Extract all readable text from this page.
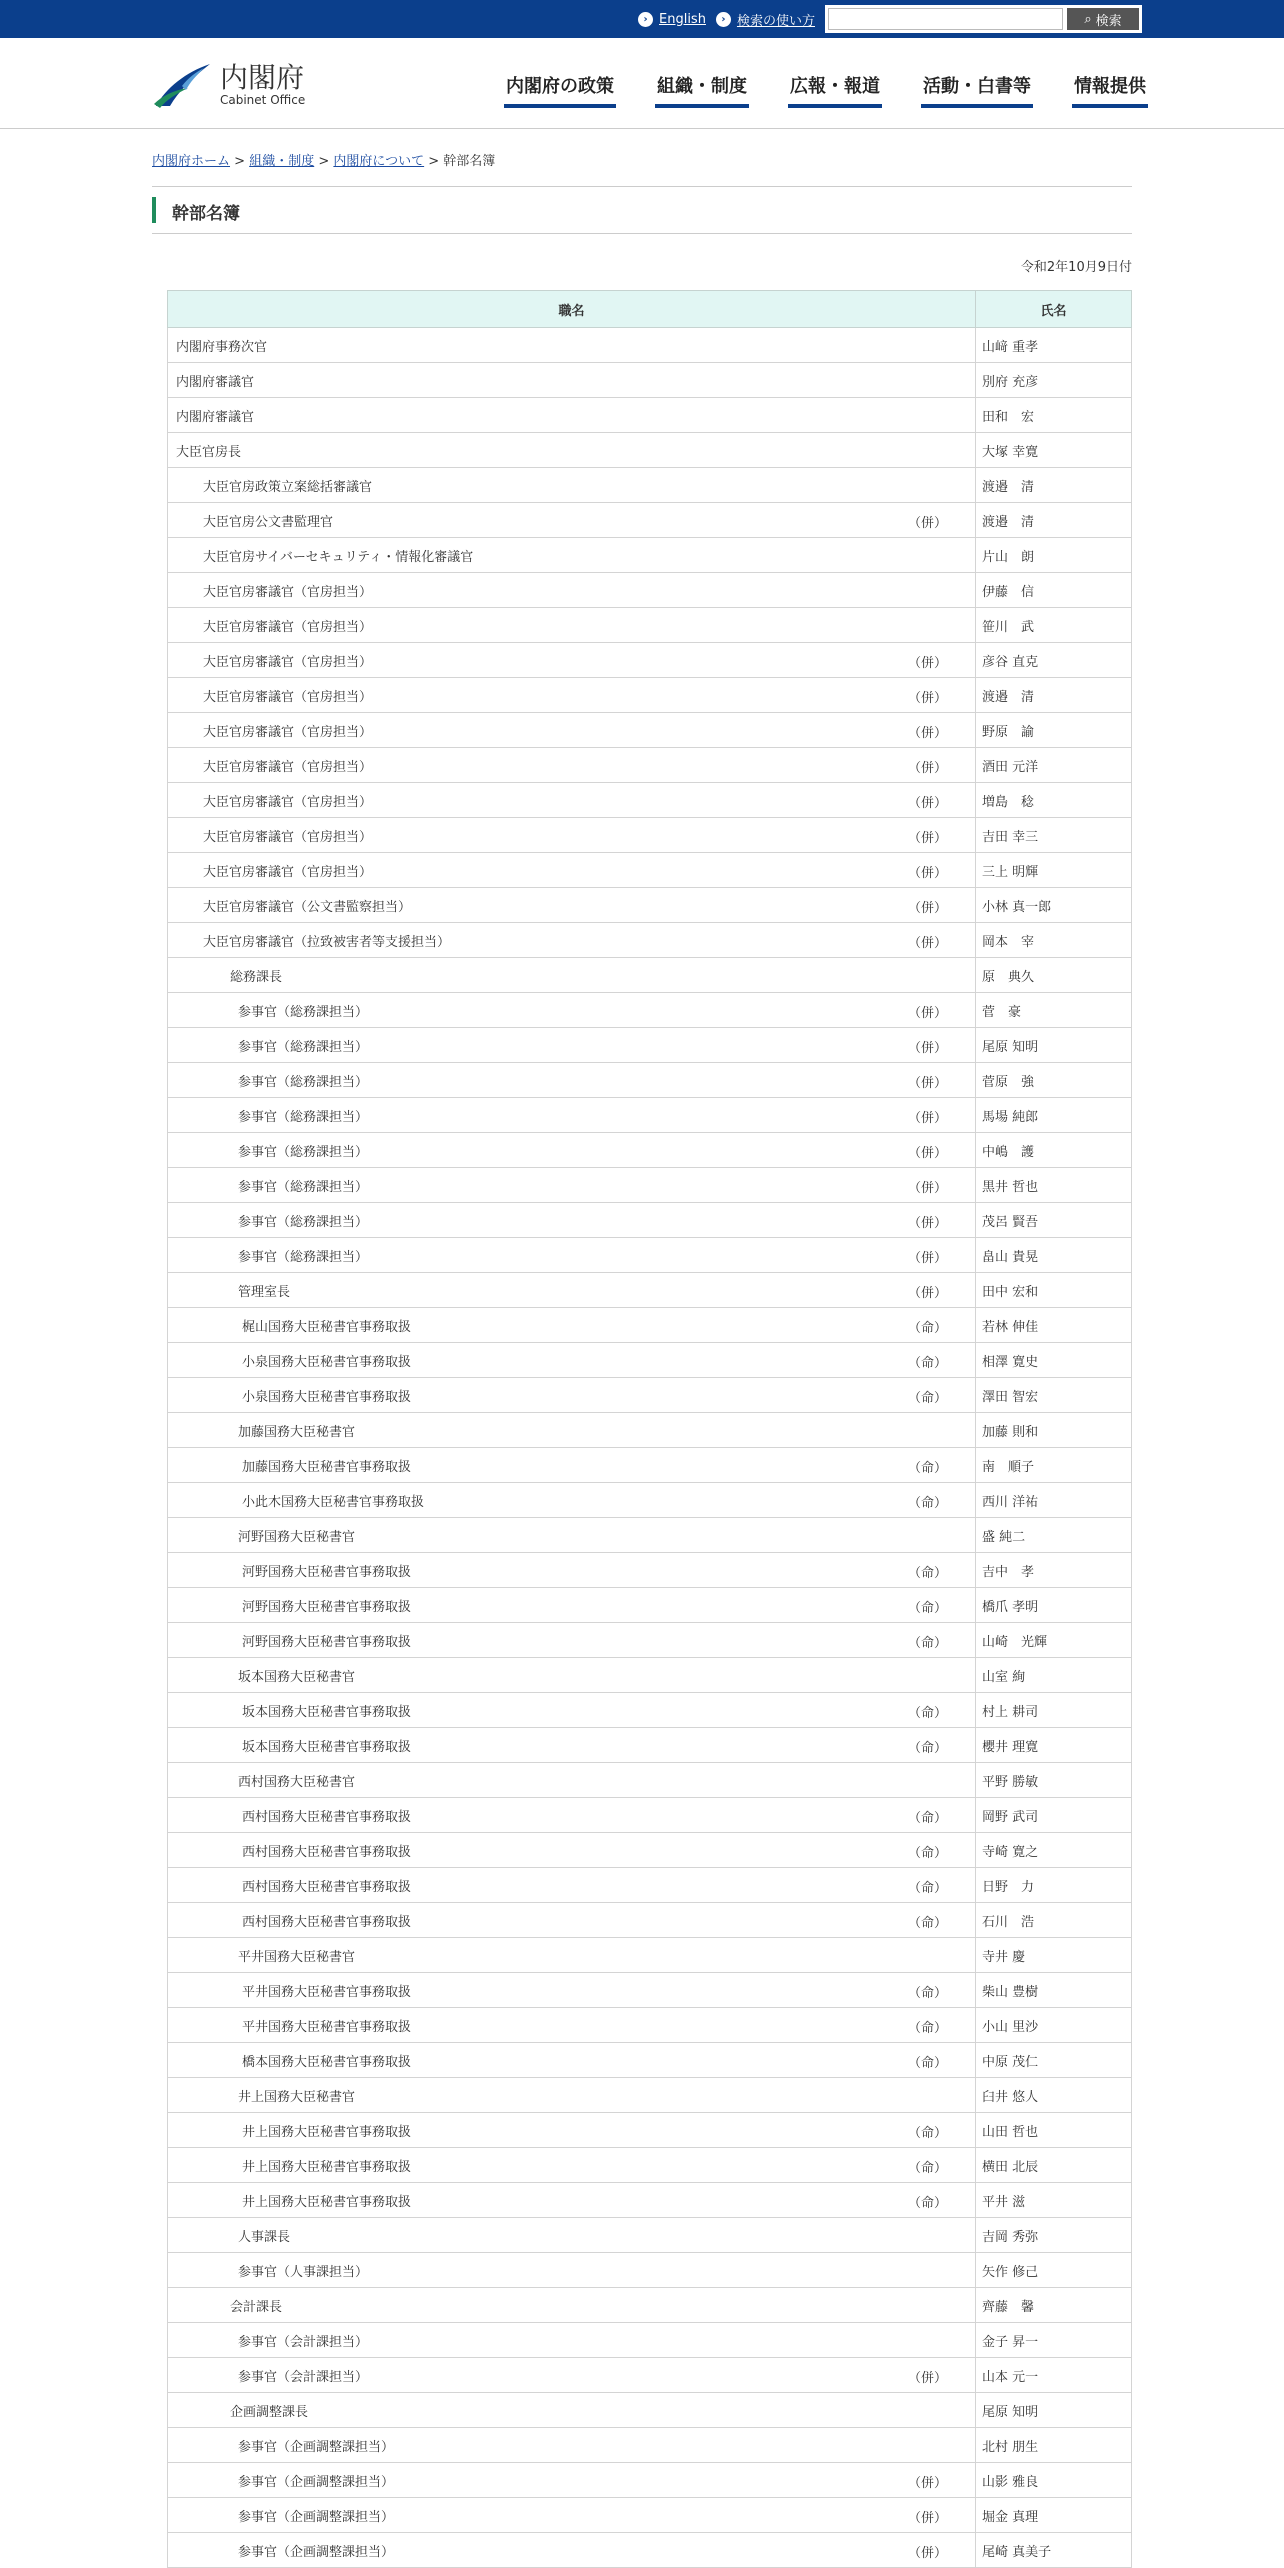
› English	› 検索の使い方	⌕ 検索
内閣府
Cabinet Office
内閣府の政策 組織・制度 広報・報道 活動・白書等 情報提供
内閣府ホーム > 組織・制度 > 内閣府について > 幹部名簿
幹部名簿
令和2年10月9日付
職名	氏名
内閣府事務次官	山﨑 重孝
内閣府審議官	別府 充彦
内閣府審議官	田和　宏
大臣官房長	大塚 幸寛
大臣官房政策立案総括審議官	渡邉　清
大臣官房公文書監理官 （併）	渡邉　清
大臣官房サイバーセキュリティ・情報化審議官	片山　朗
大臣官房審議官（官房担当）	伊藤　信
大臣官房審議官（官房担当）	笹川　武
大臣官房審議官（官房担当） （併）	彦谷 直克
大臣官房審議官（官房担当） （併）	渡邉　清
大臣官房審議官（官房担当） （併）	野原　諭
大臣官房審議官（官房担当） （併）	酒田 元洋
大臣官房審議官（官房担当） （併）	増島　稔
大臣官房審議官（官房担当） （併）	吉田 幸三
大臣官房審議官（官房担当） （併）	三上 明輝
大臣官房審議官（公文書監察担当） （併）	小林 真一郎
大臣官房審議官（拉致被害者等支援担当） （併）	岡本　宰
総務課長	原　典久
参事官（総務課担当） （併）	菅　豪
参事官（総務課担当） （併）	尾原 知明
参事官（総務課担当） （併）	菅原　強
参事官（総務課担当） （併）	馬場 純郎
参事官（総務課担当） （併）	中嶋　護
参事官（総務課担当） （併）	黒井 哲也
参事官（総務課担当） （併）	茂呂 賢吾
参事官（総務課担当） （併）	畠山 貴晃
管理室長 （併）	田中 宏和
梶山国務大臣秘書官事務取扱 （命）	若林 伸佳
小泉国務大臣秘書官事務取扱 （命）	相澤 寛史
小泉国務大臣秘書官事務取扱 （命）	澤田 智宏
加藤国務大臣秘書官	加藤 則和
加藤国務大臣秘書官事務取扱 （命）	南　順子
小此木国務大臣秘書官事務取扱 （命）	西川 洋祐
河野国務大臣秘書官	盛 純二
河野国務大臣秘書官事務取扱 （命）	吉中　孝
河野国務大臣秘書官事務取扱 （命）	橋爪 孝明
河野国務大臣秘書官事務取扱 （命）	山崎　光輝
坂本国務大臣秘書官	山室 絢
坂本国務大臣秘書官事務取扱 （命）	村上 耕司
坂本国務大臣秘書官事務取扱 （命）	櫻井 理寛
西村国務大臣秘書官	平野 勝敏
西村国務大臣秘書官事務取扱 （命）	岡野 武司
西村国務大臣秘書官事務取扱 （命）	寺崎 寛之
西村国務大臣秘書官事務取扱 （命）	日野　力
西村国務大臣秘書官事務取扱 （命）	石川　浩
平井国務大臣秘書官	寺井 慶
平井国務大臣秘書官事務取扱 （命）	柴山 豊樹
平井国務大臣秘書官事務取扱 （命）	小山 里沙
橋本国務大臣秘書官事務取扱 （命）	中原 茂仁
井上国務大臣秘書官	臼井 悠人
井上国務大臣秘書官事務取扱 （命）	山田 哲也
井上国務大臣秘書官事務取扱 （命）	横田 北辰
井上国務大臣秘書官事務取扱 （命）	平井 滋
人事課長	吉岡 秀弥
参事官（人事課担当）	矢作 修己
会計課長	齊藤　馨
参事官（会計課担当）	金子 昇一
参事官（会計課担当） （併）	山本 元一
企画調整課長	尾原 知明
参事官（企画調整課担当）	北村 朋生
参事官（企画調整課担当） （併）	山影 雅良
参事官（企画調整課担当） （併）	堀金 真理
参事官（企画調整課担当） （併）	尾崎 真美子
